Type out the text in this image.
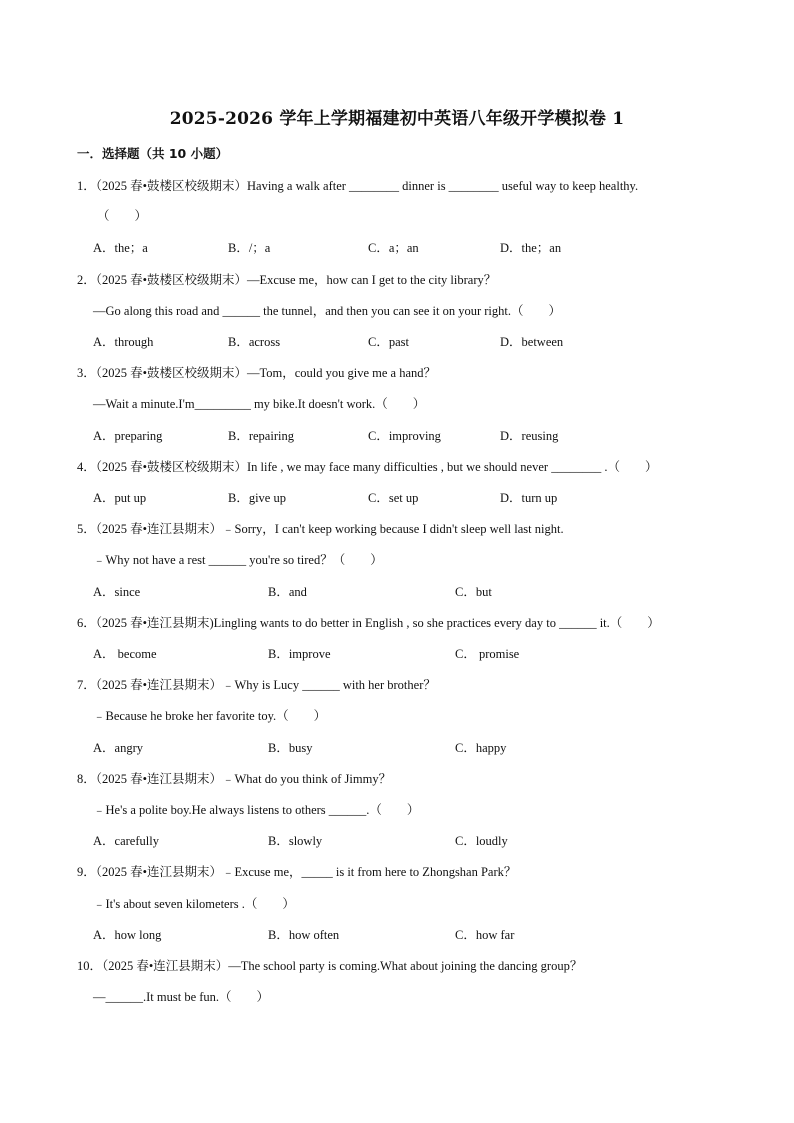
2025-2026 学年上学期福建初中英语八年级开学模拟卷 1
一．选择题（共 10 小题）
1．（2025 春•鼓楼区校级期末）Having a walk after ________ dinner is ________ useful way to keep healthy.
（　　）
A．the；a	B．/；a	C．a；an	D．the；an
2．（2025 春•鼓楼区校级期末）—Excuse me，how can I get to the city library？
—Go along this road and ______ the tunnel，and then you can see it on your right.（　　）
A．through	B．across	C．past	D．between
3．（2025 春•鼓楼区校级期末）—Tom，could you give me a hand？
—Wait a minute.I'm_________ my bike.It doesn't work.（　　）
A．preparing	B．repairing	C．improving	D．reusing
4．（2025 春•鼓楼区校级期末）In life , we may face many difficulties , but we should never ________ .（　　）
A．put up	B．give up	C．set up	D．turn up
5．（2025 春•连江县期末）﹣Sorry，I can't keep working because I didn't sleep well last night.
﹣Why not have a rest ______ you're so tired？（　　）
A．since	B．and	C．but
6．（2025 春•连江县期末)Lingling wants to do better in English , so she practices every day to ______ it.（　　）
A． become	B．improve	C． promise
7．（2025 春•连江县期末）﹣Why is Lucy ______ with her brother？
﹣Because he broke her favorite toy.（　　）
A．angry	B．busy	C．happy
8．（2025 春•连江县期末）﹣What do you think of Jimmy？
﹣He's a polite boy.He always listens to others ______.（　　）
A．carefully	B．slowly	C．loudly
9．（2025 春•连江县期末）﹣Excuse me，_____ is it from here to Zhongshan Park？
﹣It's about seven kilometers .（　　）
A．how long	B．how often	C．how far
10．（2025 春•连江县期末）—The school party is coming.What about joining the dancing group？
—______.It must be fun.（　　）
